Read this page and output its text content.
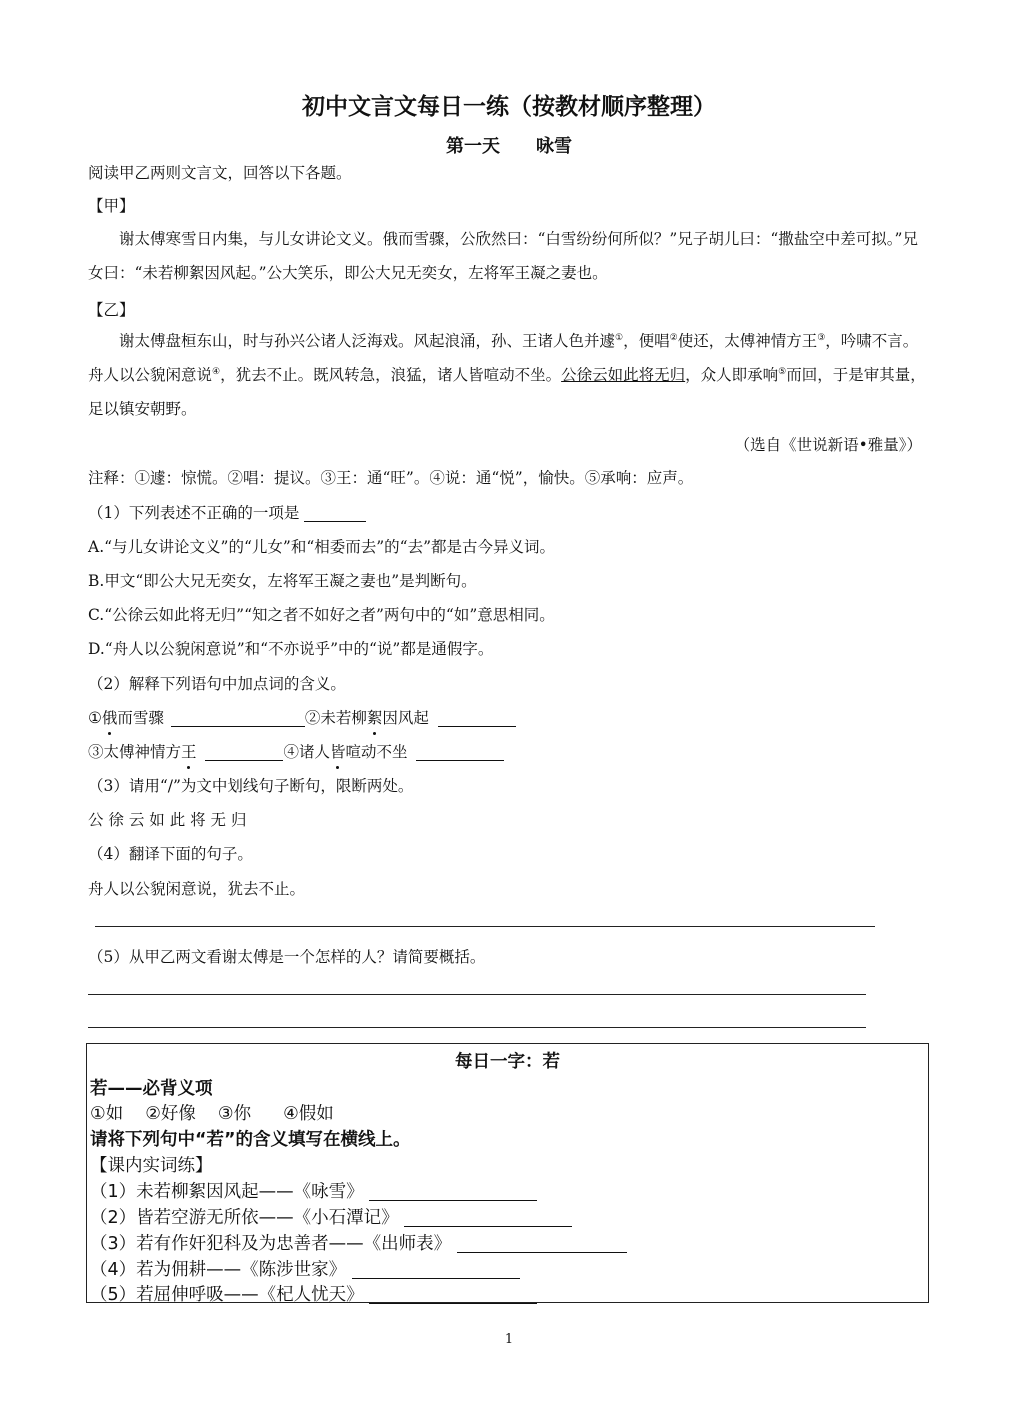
初中文言文每日一练（按教材顺序整理）
第一天 咏雪
阅读甲乙两则文言文，回答以下各题。
【甲】
谢太傅寒雪日内集，与儿女讲论文义。俄而雪骤，公欣然曰：“白雪纷纷何所似？”兄子胡儿曰：“撒盐空中差可拟。”兄女曰：“未若柳絮因风起。”公大笑乐，即公大兄无奕女，左将军王凝之妻也。
【乙】
谢太傅盘桓东山，时与孙兴公诸人泛海戏。风起浪涌，孙、王诸人色并遽①，便唱②使还，太傅神情方王③，吟啸不言。舟人以公貌闲意说④，犹去不止。既风转急，浪猛，诸人皆喧动不坐。公徐云如此将无归，众人即承响⑤而回，于是审其量，足以镇安朝野。
（选自《世说新语•雅量》）
注释：①遽：惊慌。②唱：提议。③王：通“旺”。④说：通“悦”，愉快。⑤承响：应声。
（1）下列表述不正确的一项是
A.“与儿女讲论文义”的“儿女”和“相委而去”的“去”都是古今异义词。
B.甲文“即公大兄无奕女，左将军王凝之妻也”是判断句。
C.“公徐云如此将无归”“知之者不如好之者”两句中的“如”意思相同。
D.“舟人以公貌闲意说”和“不亦说乎”中的“说”都是通假字。
（2）解释下列语句中加点词的含义。
①俄而雪骤	②未若柳絮因风起
③太傅神情方王	④诸人皆喧动不坐
（3）请用“/”为文中划线句子断句，限断两处。
公 徐 云 如 此 将 无 归
（4）翻译下面的句子。
舟人以公貌闲意说，犹去不止。
（5）从甲乙两文看谢太傅是一个怎样的人？请简要概括。
每日一字：若
若——必背义项
①如 ②好像 ③你 ④假如
请将下列句中“若”的含义填写在横线上。
【课内实词练】
（1）未若柳絮因风起——《咏雪》
（2）皆若空游无所依——《小石潭记》
（3）若有作奸犯科及为忠善者——《出师表》
（4）若为佣耕——《陈涉世家》
（5）若屈伸呼吸——《杞人忧天》
1
